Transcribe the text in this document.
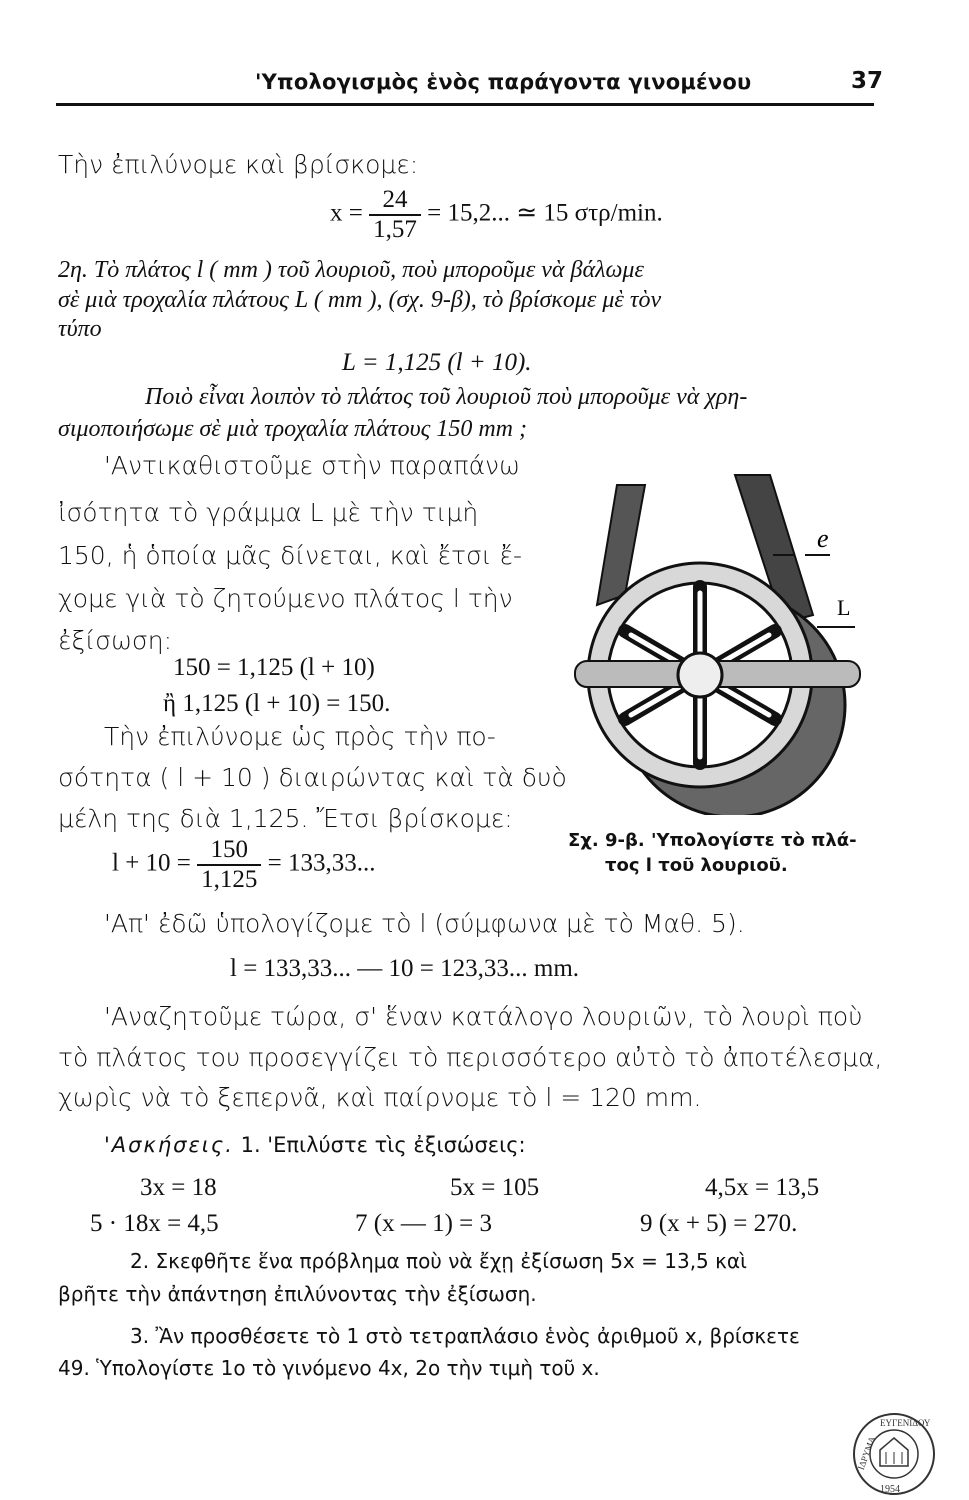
'Υπολογισμὸς ἑνὸς παράγοντα γινομένου	37
Τὴν ἐπιλύνομε καὶ βρίσκομε:
$x = \frac{24}{1,57} = 15,2$... ≃ 15 στρ/min.
2η. Τὸ πλάτος l ( mm ) τοῦ λουριοῦ, ποὺ μποροῦμε νὰ βάλωμε
σὲ μιὰ τροχαλία πλάτους L ( mm ), (σχ. 9-β), τὸ βρίσκομε μὲ τὸν
τύπο
L = 1,125 (l + 10).
Ποιὸ εἶναι λοιπὸν τὸ πλάτος τοῦ λουριοῦ ποὺ μποροῦμε νὰ χρη-
σιμοποιήσωμε σὲ μιὰ τροχαλία πλάτους 150 mm ;
'Αντικαθιστοῦμε στὴν παραπάνω
ἰσότητα τὸ γράμμα L μὲ τὴν τιμὴ
150, ἡ ὁποία μᾶς δίνεται, καὶ ἔτσι ἔ-
χομε γιὰ τὸ ζητούμενο πλάτος l τὴν
ἐξίσωση:
150 = 1,125 (l + 10)
ἢ 1,125 (l + 10) = 150.
Τὴν ἐπιλύνομε ὡς πρὸς τὴν πο-
σότητα ( l + 10 ) διαιρώντας καὶ τὰ δυὸ
μέλη της διὰ 1,125. Ἔτσι βρίσκομε:
$l + 10 = \frac{150}{1,125} = 133,33$...
e
L
Σχ. 9-β. 'Υπολογίστε τὸ πλά-
τος l τοῦ λουριοῦ.
'Απ' ἐδῶ ὑπολογίζομε τὸ l (σύμφωνα μὲ τὸ Μαθ. 5).
l = 133,33... — 10 = 123,33... mm.
'Αναζητοῦμε τώρα, σ' ἕναν κατάλογο λουριῶν, τὸ λουρὶ ποὺ
τὸ πλάτος του προσεγγίζει τὸ περισσότερο αὐτὸ τὸ ἀποτέλεσμα,
χωρὶς νὰ τὸ ξεπερνᾶ, καὶ παίρνομε τὸ l = 120 mm.
'Ασκήσεις. 1. 'Επιλύστε τὶς ἐξισώσεις:
3x = 18	5x = 105	4,5x = 13,5
5 · 18x = 4,5	7 (x — 1) = 3	9 (x + 5) = 270.
2. Σκεφθῆτε ἕνα πρόβλημα ποὺ νὰ ἔχῃ ἐξίσωση 5x = 13,5 καὶ
βρῆτε τὴν ἀπάντηση ἐπιλύνοντας τὴν ἐξίσωση.
3. Ἂν προσθέσετε τὸ 1 στὸ τετραπλάσιο ἑνὸς ἀριθμοῦ x, βρίσκετε
49. Ὑπολογίστε 1ο τὸ γινόμενο 4x, 2ο τὴν τιμὴ τοῦ x.
ΕΥΓΕΝΙΔΟΥ
ΙΔΡΥΜΑ
1954
